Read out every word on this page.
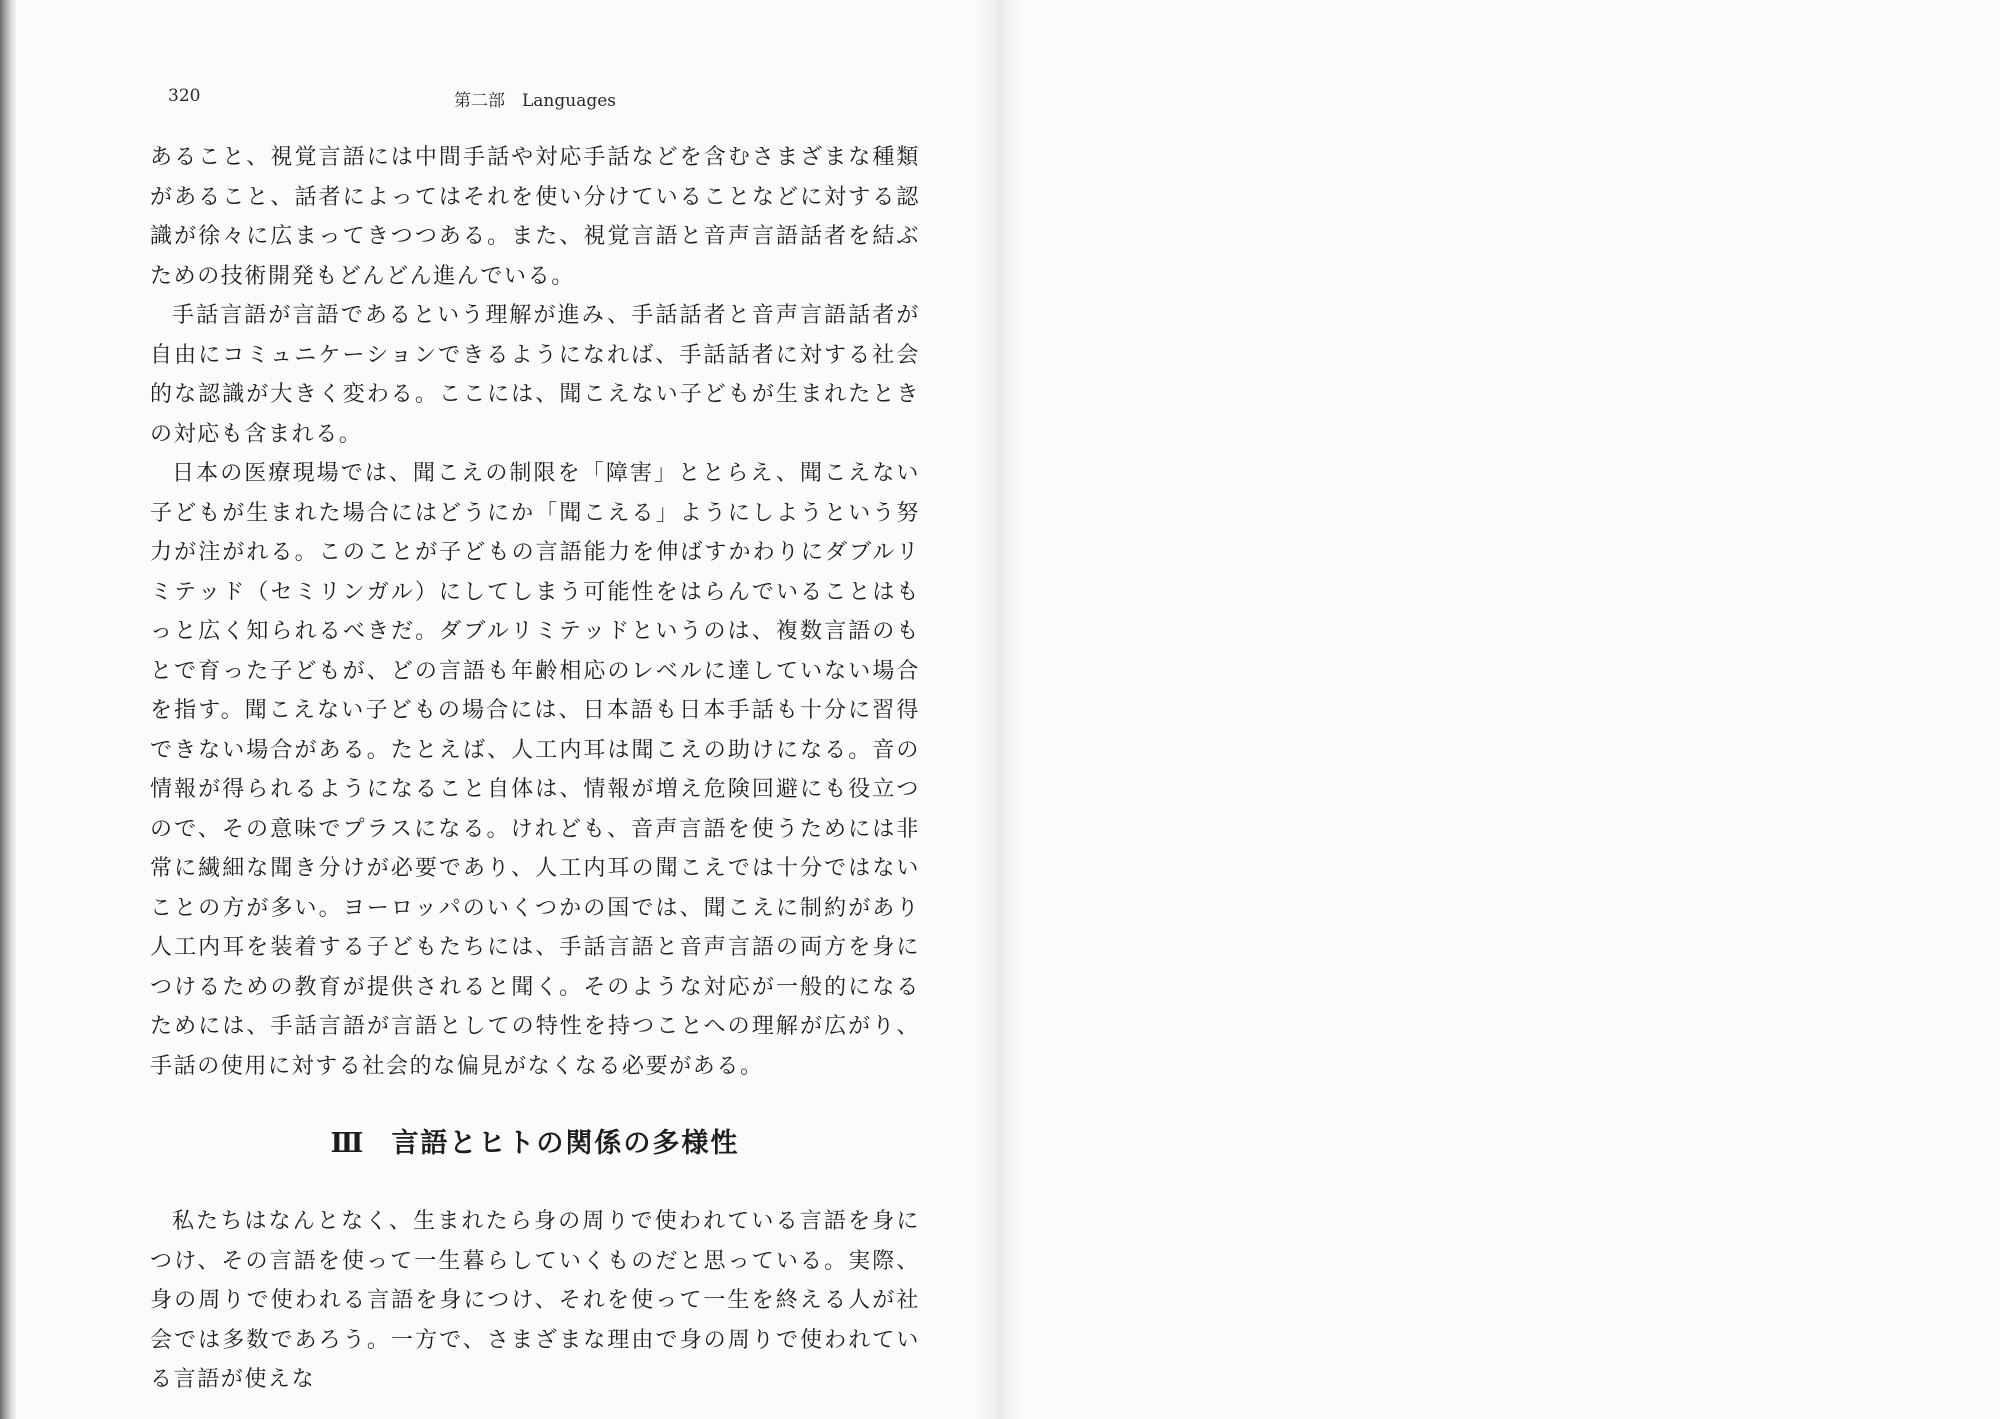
320	第二部　Languages

あること、視覚言語には中間手話や対応手話などを含むさまざまな種類があること、話者によってはそれを使い分けていることなどに対する認識が徐々に広まってきつつある。また、視覚言語と音声言語話者を結ぶための技術開発もどんどん進んでいる。

手話言語が言語であるという理解が進み、手話話者と音声言語話者が自由にコミュニケーションできるようになれば、手話話者に対する社会的な認識が大きく変わる。ここには、聞こえない子どもが生まれたときの対応も含まれる。

日本の医療現場では、聞こえの制限を「障害」ととらえ、聞こえない子どもが生まれた場合にはどうにか「聞こえる」ようにしようという努力が注がれる。このことが子どもの言語能力を伸ばすかわりにダブルリミテッド（セミリンガル）にしてしまう可能性をはらんでいることはもっと広く知られるべきだ。ダブルリミテッドというのは、複数言語のもとで育った子どもが、どの言語も年齢相応のレベルに達していない場合を指す。聞こえない子どもの場合には、日本語も日本手話も十分に習得できない場合がある。たとえば、人工内耳は聞こえの助けになる。音の情報が得られるようになること自体は、情報が増え危険回避にも役立つので、その意味でプラスになる。けれども、音声言語を使うためには非常に繊細な聞き分けが必要であり、人工内耳の聞こえでは十分ではないことの方が多い。ヨーロッパのいくつかの国では、聞こえに制約があり人工内耳を装着する子どもたちには、手話言語と音声言語の両方を身につけるための教育が提供されると聞く。そのような対応が一般的になるためには、手話言語が言語としての特性を持つことへの理解が広がり、手話の使用に対する社会的な偏見がなくなる必要がある。

Ⅲ 言語とヒトの関係の多様性

私たちはなんとなく、生まれたら身の周りで使われている言語を身につけ、その言語を使って一生暮らしていくものだと思っている。実際、身の周りで使われる言語を身につけ、それを使って一生を終える人が社会では多数であろう。一方で、さまざまな理由で身の周りで使われている言語が使えな
